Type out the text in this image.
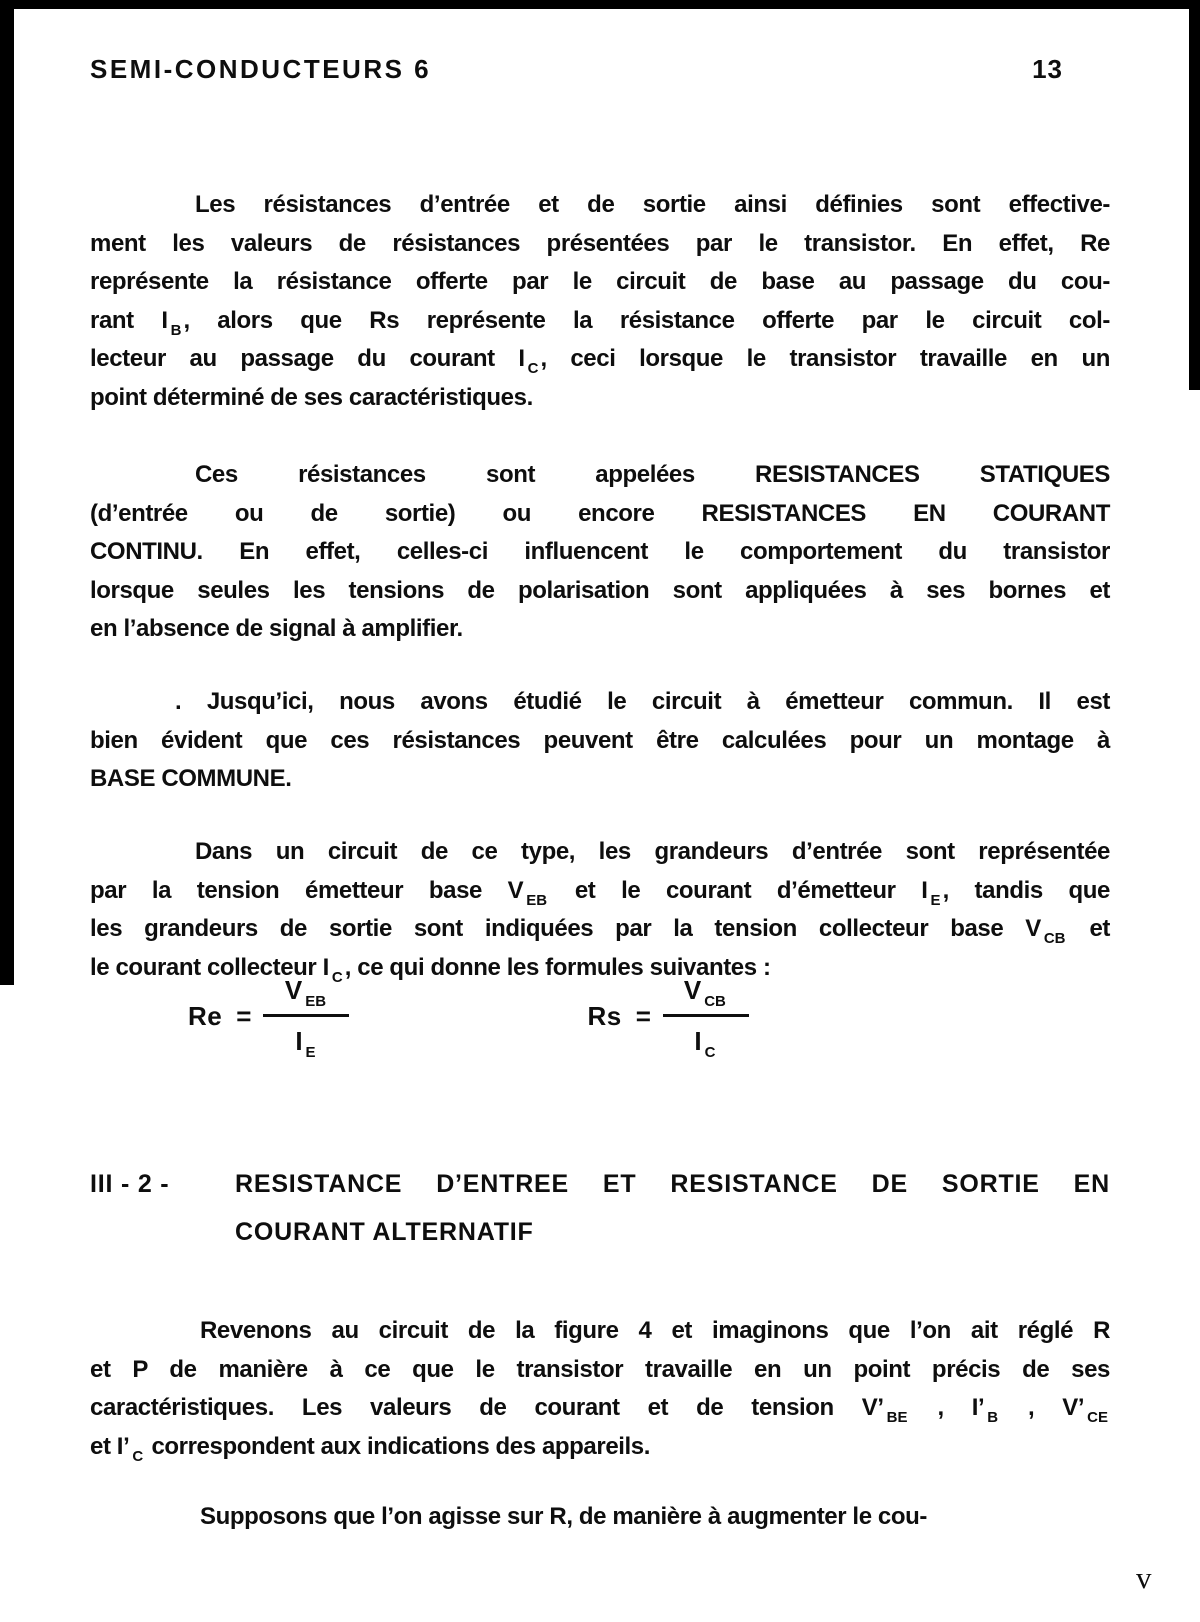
SEMI-CONDUCTEURS 6	13
Les résistances d’entrée et de sortie ainsi définies sont effective-
ment les valeurs de résistances présentées par le transistor. En effet, Re
représente la résistance offerte par le circuit de base au passage du cou-
rant I $_B$, alors que Rs représente la résistance offerte par le circuit col-
lecteur au passage du courant I $_C$, ceci lorsque le transistor travaille en un
point déterminé de ses caractéristiques.
Ces résistances sont appelées RESISTANCES STATIQUES
(d’entrée ou de sortie) ou encore RESISTANCES EN COURANT
CONTINU. En effet, celles-ci influencent le comportement du transistor
lorsque seules les tensions de polarisation sont appliquées à ses bornes et
en l’absence de signal à amplifier.
. Jusqu’ici, nous avons étudié le circuit à émetteur commun. Il est
bien évident que ces résistances peuvent être calculées pour un montage à
BASE COMMUNE.
Dans un circuit de ce type, les grandeurs d’entrée sont représentée
par la tension émetteur base V $_{EB}$ et le courant d’émetteur I $_E$, tandis que
les grandeurs de sortie sont indiquées par la tension collecteur base V $_{CB}$ et
le courant collecteur I $_C$, ce qui donne les formules suivantes :
$Re = \frac{V _{EB}}{I _E}$	$Rs = \frac{V _{CB}}{I _C}$
III - 2 -	RESISTANCE D’ENTREE ET RESISTANCE DE SORTIE EN
COURANT ALTERNATIF
Revenons au circuit de la figure 4 et imaginons que l’on ait réglé R
et P de manière à ce que le transistor travaille en un point précis de ses
caractéristiques. Les valeurs de courant et de tension V’ $_{BE}$ , I’ $_B$ , V’ $_{CE}$
et I’ $_C$ correspondent aux indications des appareils.
Supposons que l’on agisse sur R, de manière à augmenter le cou-
v
